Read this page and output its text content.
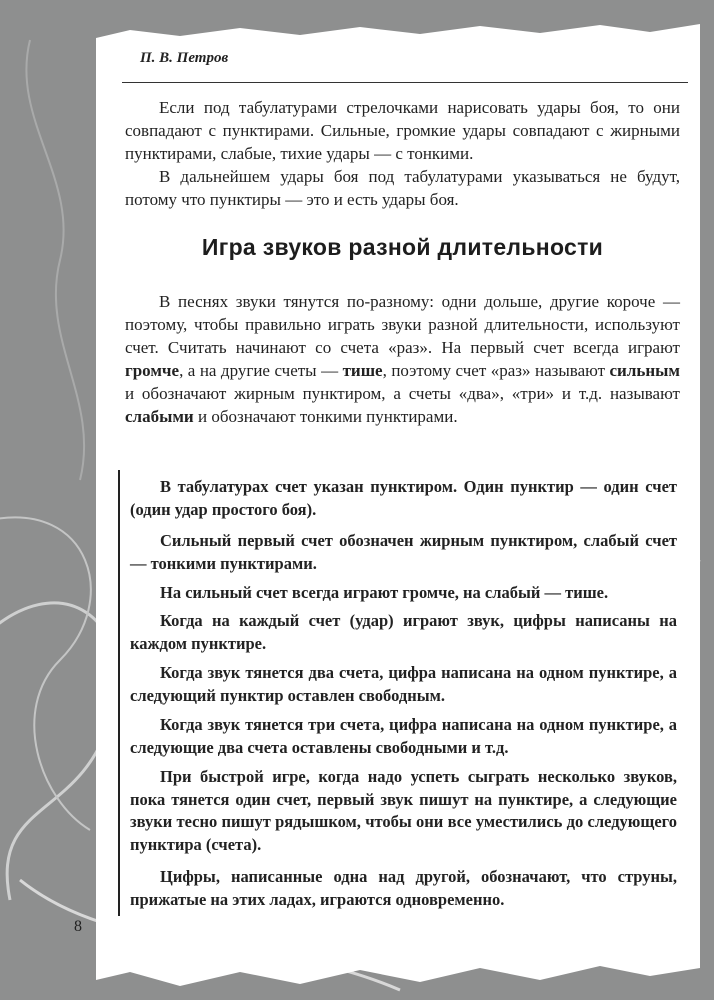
П. В. Петров

Если под табулатурами стрелочками нарисовать удары боя, то они совпадают с пунктирами. Сильные, громкие удары совпадают с жирными пунктирами, слабые, тихие удары — с тонкими.

В дальнейшем удары боя под табулатурами указываться не будут, потому что пунктиры — это и есть удары боя.

Игра звуков разной длительности

В песнях звуки тянутся по-разному: одни дольше, другие короче — поэтому, чтобы правильно играть звуки разной длительности, используют счет. Считать начинают со счета «раз». На первый счет всегда играют громче, а на другие счеты — тише, поэтому счет «раз» называют сильным и обозначают жирным пунктиром, а счеты «два», «три» и т.д. называют слабыми и обозначают тонкими пунктирами.

В табулатурах счет указан пунктиром. Один пунктир — один счет (один удар простого боя).
Сильный первый счет обозначен жирным пунктиром, слабый счет — тонкими пунктирами.
На сильный счет всегда играют громче, на слабый — тише.
Когда на каждый счет (удар) играют звук, цифры написаны на каждом пунктире.
Когда звук тянется два счета, цифра написана на одном пунктире, а следующий пунктир оставлен свободным.
Когда звук тянется три счета, цифра написана на одном пунктире, а следующие два счета оставлены свободными и т.д.
При быстрой игре, когда надо успеть сыграть несколько звуков, пока тянется один счет, первый звук пишут на пунктире, а следующие звуки тесно пишут рядышком, чтобы они все уместились до следующего пунктира (счета).
Цифры, написанные одна над другой, обозначают, что струны, прижатые на этих ладах, играются одновременно.
8
